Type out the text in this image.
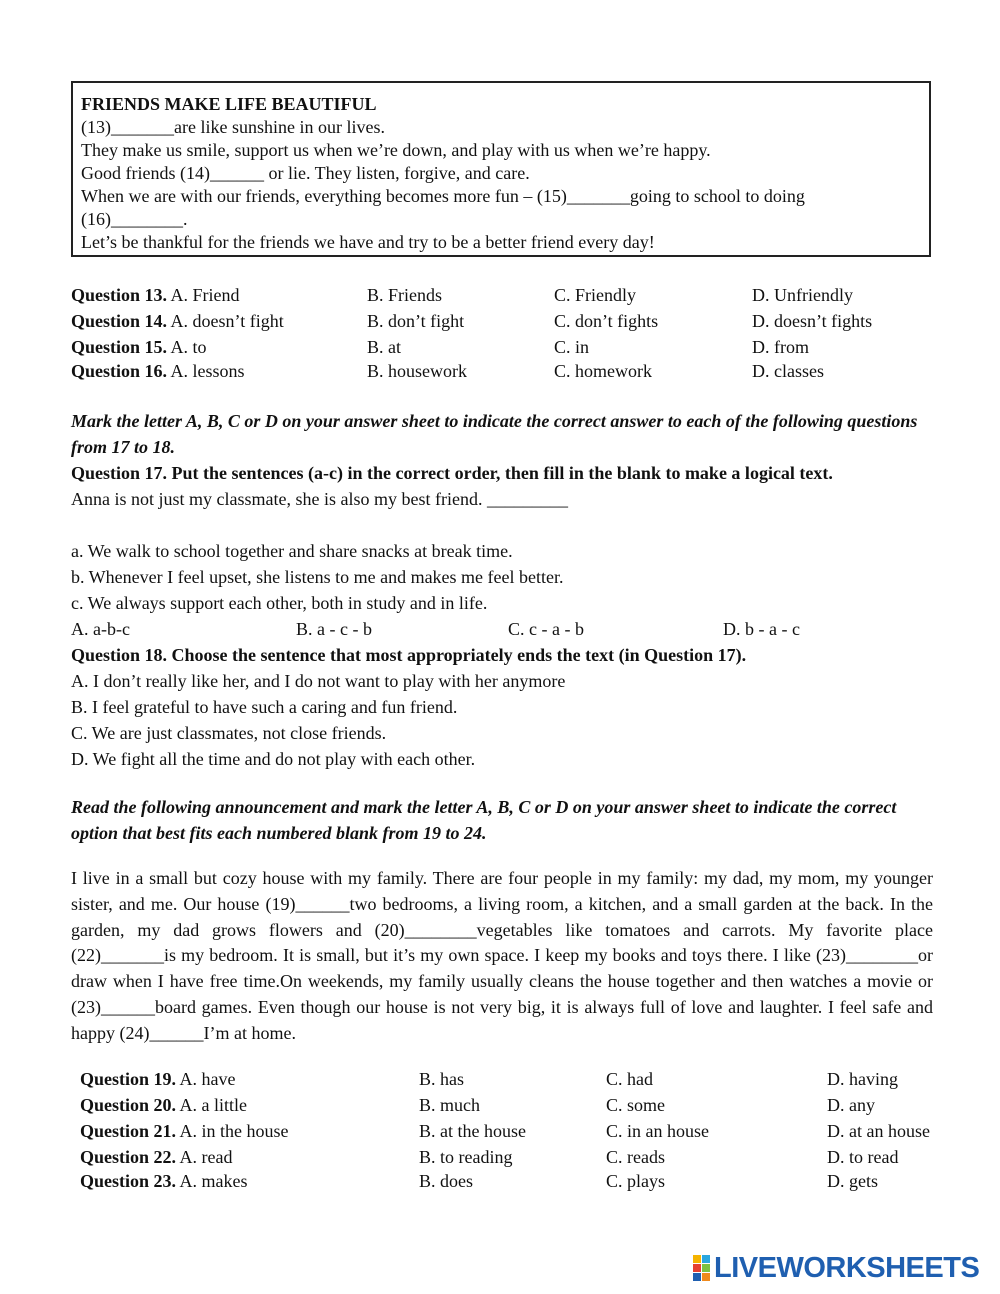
FRIENDS MAKE LIFE BEAUTIFUL
(13)_______are like sunshine in our lives.
They make us smile, support us when we’re down, and play with us when we’re happy.
Good friends (14)______ or lie. They listen, forgive, and care.
When we are with our friends, everything becomes more fun – (15)_______going to school to doing
(16)________.
Let’s be thankful for the friends we have and try to be a better friend every day!
Question 13. A. Friend	B. Friends	C. Friendly	D. Unfriendly
Question 14. A. doesn’t fight	B. don’t fight	C. don’t fights	D. doesn’t fights
Question 15. A. to	B. at	C. in	D. from
Question 16. A. lessons	B. housework	C. homework	D. classes
Mark the letter A, B, C or D on your answer sheet to indicate the correct answer to each of the following questions from 17 to 18.
Question 17. Put the sentences (a-c) in the correct order, then fill in the blank to make a logical text.
Anna is not just my classmate, she is also my best friend. _________
a. We walk to school together and share snacks at break time.
b. Whenever I feel upset, she listens to me and makes me feel better.
c. We always support each other, both in study and in life.
A. a-b-c	B. a - c - b	C. c - a - b	D. b - a - c
Question 18. Choose the sentence that most appropriately ends the text (in Question 17).
A. I don’t really like her, and I do not want to play with her anymore
B. I feel grateful to have such a caring and fun friend.
C. We are just classmates, not close friends.
D. We fight all the time and do not play with each other.
Read the following announcement and mark the letter A, B, C or D on your answer sheet to indicate the correct option that best fits each numbered blank from 19 to 24.
I live in a small but cozy house with my family. There are four people in my family: my dad, my mom, my younger sister, and me. Our house (19)______two bedrooms, a living room, a kitchen, and a small garden at the back. In the garden, my dad grows flowers and (20)________vegetables like tomatoes and carrots. My favorite place (22)_______is my bedroom. It is small, but it’s my own space. I keep my books and toys there. I like (23)________or draw when I have free time.On weekends, my family usually cleans the house together and then watches a movie or (23)______board games. Even though our house is not very big, it is always full of love and laughter. I feel safe and happy (24)______I’m at home.
Question 19. A. have	B. has	C. had	D. having
Question 20. A. a little	B. much	C. some	D. any
Question 21. A. in the house	B. at the house	C. in an house	D. at an house
Question 22. A. read	B. to reading	C. reads	D. to read
Question 23. A. makes	B. does	C. plays	D. gets
LIVEWORKSHEETS
